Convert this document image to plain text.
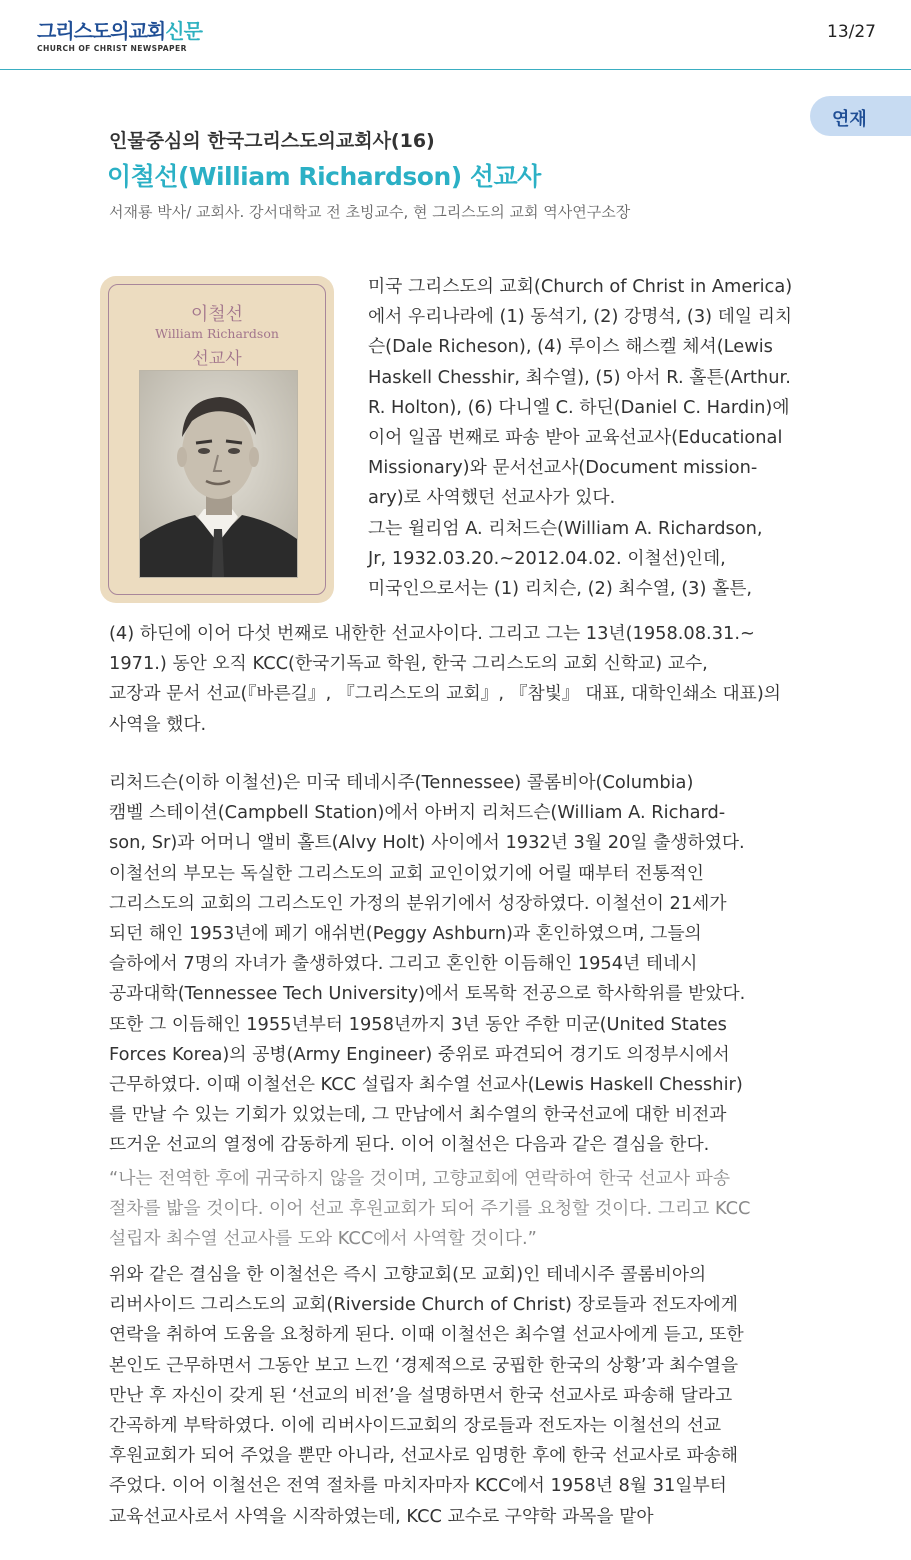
그리스도의교회신문
CHURCH OF CHRIST NEWSPAPER
13/27
연재
인물중심의 한국그리스도의교회사(16)
이철선(William Richardson) 선교사
서재룡 박사/ 교회사. 강서대학교 전 초빙교수, 현 그리스도의 교회 역사연구소장
이철선
William Richardson
선교사
미국 그리스도의 교회(Church of Christ in America)
에서 우리나라에 (1) 동석기, (2) 강명석, (3) 데일 리치
슨(Dale Richeson), (4) 루이스 해스켈 체셔(Lewis
Haskell Chesshir, 최수열), (5) 아서 R. 홀튼(Arthur.
R. Holton), (6) 다니엘 C. 하딘(Daniel C. Hardin)에
이어 일곱 번째로 파송 받아 교육선교사(Educational
Missionary)와 문서선교사(Document mission-
ary)로 사역했던 선교사가 있다.
그는 윌리엄 A. 리처드슨(William A. Richardson,
Jr, 1932.03.20.~2012.04.02. 이철선)인데,
미국인으로서는 (1) 리치슨, (2) 최수열, (3) 홀튼,
(4) 하딘에 이어 다섯 번째로 내한한 선교사이다. 그리고 그는 13년(1958.08.31.~
1971.) 동안 오직 KCC(한국기독교 학원, 한국 그리스도의 교회 신학교) 교수,
교장과 문서 선교(『바른길』, 『그리스도의 교회』, 『참빛』 대표, 대학인쇄소 대표)의
사역을 했다.
리처드슨(이하 이철선)은 미국 테네시주(Tennessee) 콜롬비아(Columbia)
캠벨 스테이션(Campbell Station)에서 아버지 리처드슨(William A. Richard-
son, Sr)과 어머니 앨비 홀트(Alvy Holt) 사이에서 1932년 3월 20일 출생하였다.
이철선의 부모는 독실한 그리스도의 교회 교인이었기에 어릴 때부터 전통적인
그리스도의 교회의 그리스도인 가정의 분위기에서 성장하였다. 이철선이 21세가
되던 해인 1953년에 페기 애쉬번(Peggy Ashburn)과 혼인하였으며, 그들의
슬하에서 7명의 자녀가 출생하였다. 그리고 혼인한 이듬해인 1954년 테네시
공과대학(Tennessee Tech University)에서 토목학 전공으로 학사학위를 받았다.
또한 그 이듬해인 1955년부터 1958년까지 3년 동안 주한 미군(United States
Forces Korea)의 공병(Army Engineer) 중위로 파견되어 경기도 의정부시에서
근무하였다. 이때 이철선은 KCC 설립자 최수열 선교사(Lewis Haskell Chesshir)
를 만날 수 있는 기회가 있었는데, 그 만남에서 최수열의 한국선교에 대한 비전과
뜨거운 선교의 열정에 감동하게 된다. 이어 이철선은 다음과 같은 결심을 한다.
“나는 전역한 후에 귀국하지 않을 것이며, 고향교회에 연락하여 한국 선교사 파송
절차를 밟을 것이다. 이어 선교 후원교회가 되어 주기를 요청할 것이다. 그리고 KCC
설립자 최수열 선교사를 도와 KCC에서 사역할 것이다.”
위와 같은 결심을 한 이철선은 즉시 고향교회(모 교회)인 테네시주 콜롬비아의
리버사이드 그리스도의 교회(Riverside Church of Christ) 장로들과 전도자에게
연락을 취하여 도움을 요청하게 된다. 이때 이철선은 최수열 선교사에게 듣고, 또한
본인도 근무하면서 그동안 보고 느낀 ‘경제적으로 궁핍한 한국의 상황’과 최수열을
만난 후 자신이 갖게 된 ‘선교의 비전’을 설명하면서 한국 선교사로 파송해 달라고
간곡하게 부탁하였다. 이에 리버사이드교회의 장로들과 전도자는 이철선의 선교
후원교회가 되어 주었을 뿐만 아니라, 선교사로 임명한 후에 한국 선교사로 파송해
주었다. 이어 이철선은 전역 절차를 마치자마자 KCC에서 1958년 8월 31일부터
교육선교사로서 사역을 시작하였는데, KCC 교수로 구약학 과목을 맡아
